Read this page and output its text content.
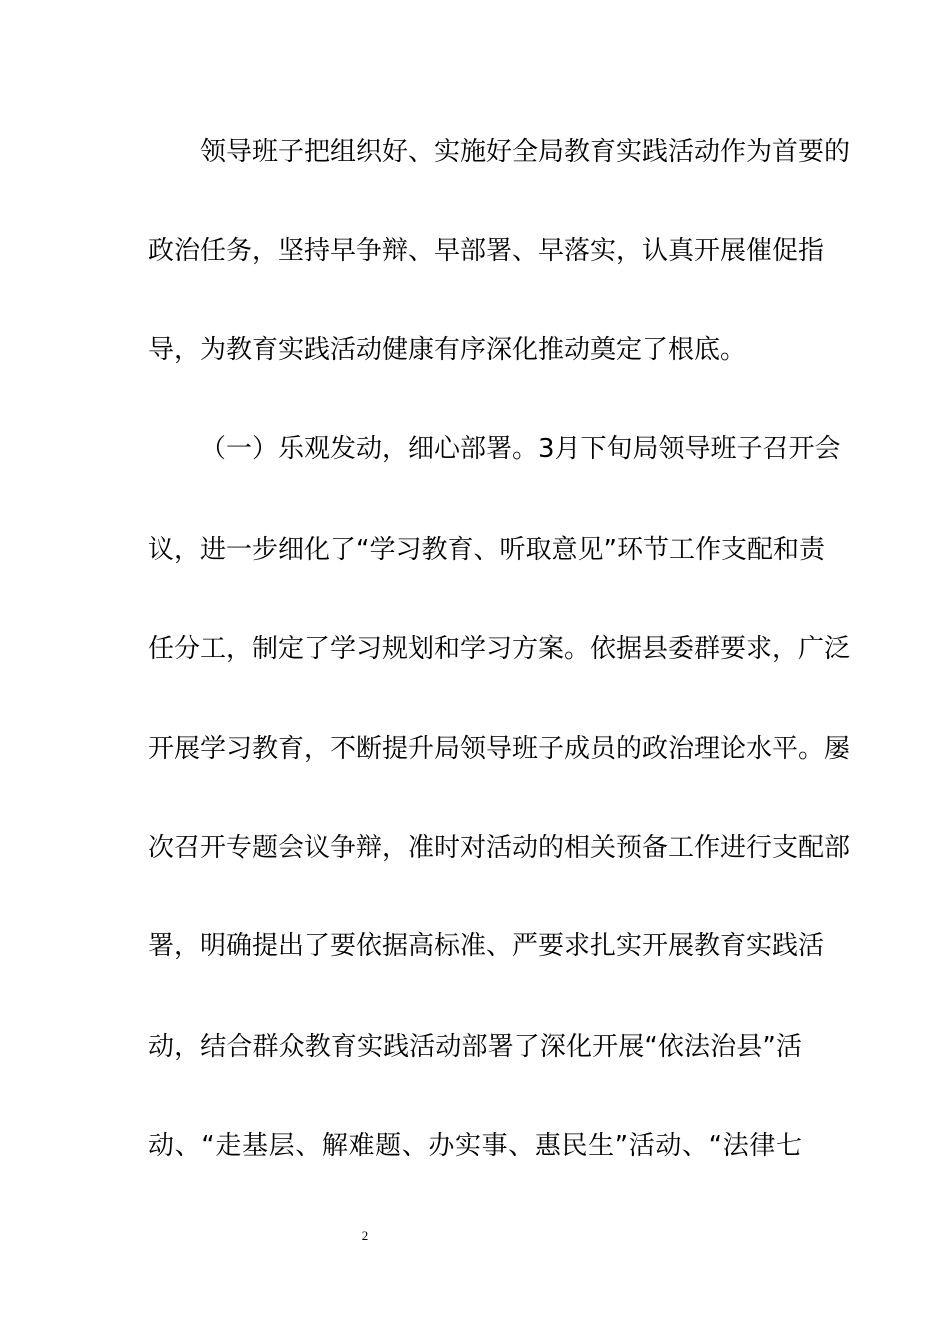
领导班子把组织好、实施好全局教育实践活动作为首要的
政治任务，坚持早争辩、早部署、早落实，认真开展催促指
导，为教育实践活动健康有序深化推动奠定了根底。
（一）乐观发动，细心部署。3月下旬局领导班子召开会
议，进一步细化了“学习教育、听取意见”环节工作支配和责
任分工，制定了学习规划和学习方案。依据县委群要求，广泛
开展学习教育，不断提升局领导班子成员的政治理论水平。屡
次召开专题会议争辩，准时对活动的相关预备工作进行支配部
署，明确提出了要依据高标准、严要求扎实开展教育实践活
动，结合群众教育实践活动部署了深化开展“依法治县”活
动、“走基层、解难题、办实事、惠民生”活动、“法律七
2
